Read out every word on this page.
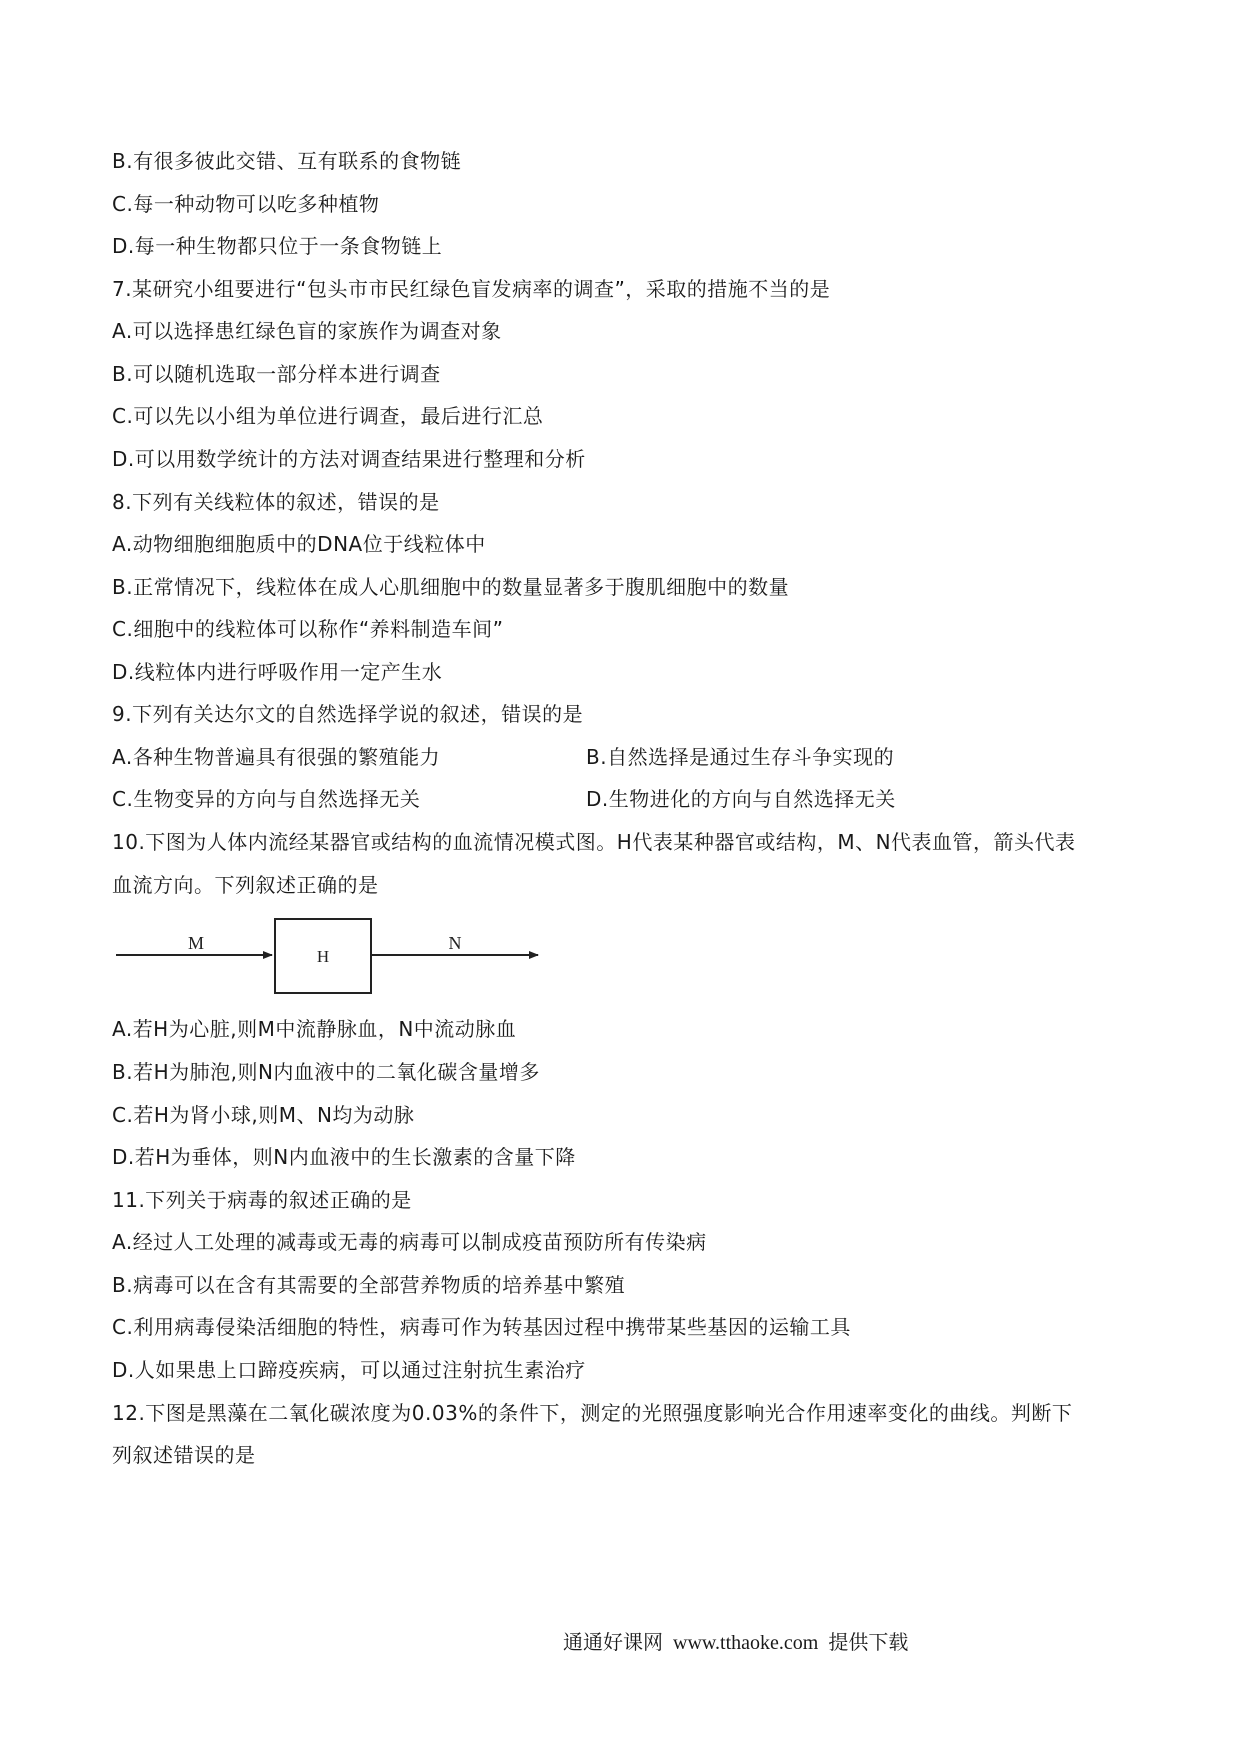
B.有很多彼此交错、互有联系的食物链
C.每一种动物可以吃多种植物
D.每一种生物都只位于一条食物链上
7.某研究小组要进行“包头市市民红绿色盲发病率的调查”，采取的措施不当的是
A.可以选择患红绿色盲的家族作为调查对象
B.可以随机选取一部分样本进行调查
C.可以先以小组为单位进行调查，最后进行汇总
D.可以用数学统计的方法对调查结果进行整理和分析
8.下列有关线粒体的叙述，错误的是
A.动物细胞细胞质中的DNA位于线粒体中
B.正常情况下，线粒体在成人心肌细胞中的数量显著多于腹肌细胞中的数量
C.细胞中的线粒体可以称作“养料制造车间”
D.线粒体内进行呼吸作用一定产生水
9.下列有关达尔文的自然选择学说的叙述，错误的是
A.各种生物普遍具有很强的繁殖能力	B.自然选择是通过生存斗争实现的
C.生物变异的方向与自然选择无关	D.生物进化的方向与自然选择无关
10.下图为人体内流经某器官或结构的血流情况模式图。H代表某种器官或结构，M、N代表血管，箭头代表
血流方向。下列叙述正确的是
M
H
N
A.若H为心脏,则M中流静脉血，N中流动脉血
B.若H为肺泡,则N内血液中的二氧化碳含量增多
C.若H为肾小球,则M、N均为动脉
D.若H为垂体，则N内血液中的生长激素的含量下降
11.下列关于病毒的叙述正确的是
A.经过人工处理的减毒或无毒的病毒可以制成疫苗预防所有传染病
B.病毒可以在含有其需要的全部营养物质的培养基中繁殖
C.利用病毒侵染活细胞的特性，病毒可作为转基因过程中携带某些基因的运输工具
D.人如果患上口蹄疫疾病，可以通过注射抗生素治疗
12.下图是黑藻在二氧化碳浓度为0.03%的条件下，测定的光照强度影响光合作用速率变化的曲线。判断下
列叙述错误的是
通通好课网 www.tthaoke.com 提供下载
